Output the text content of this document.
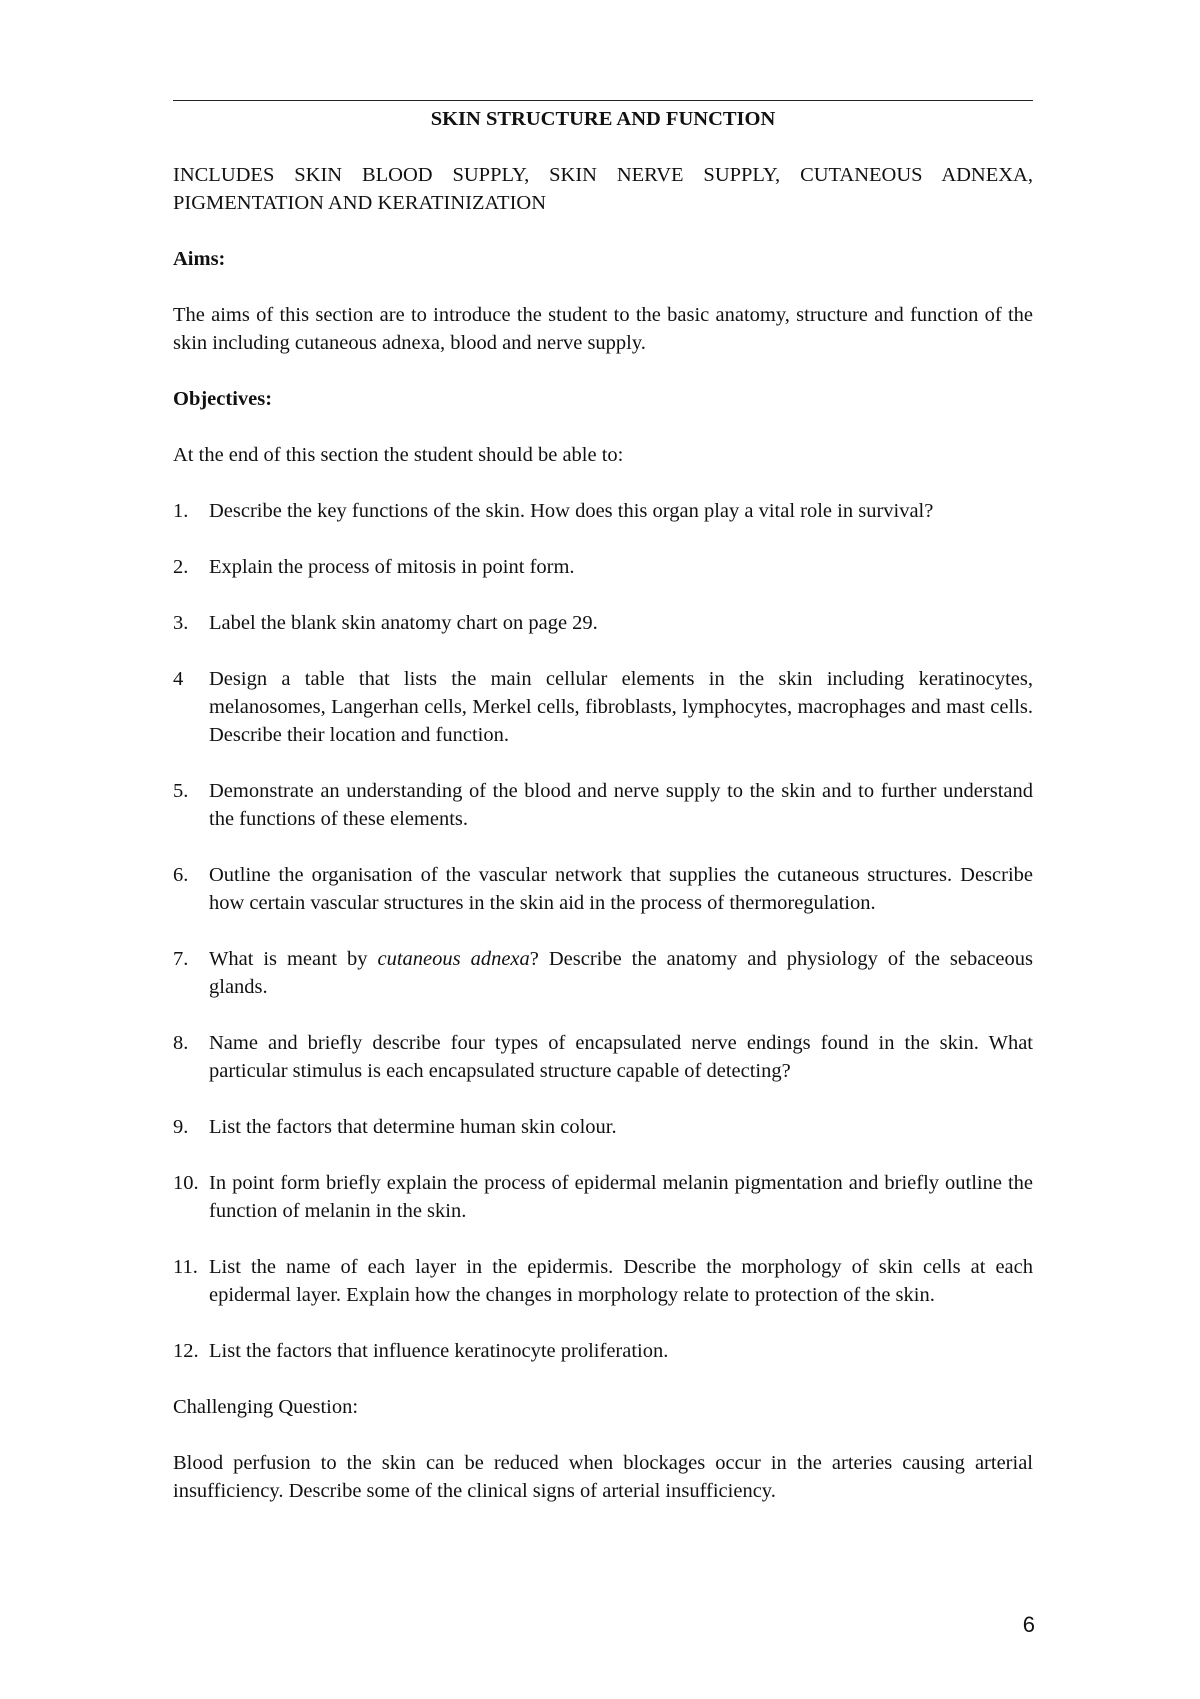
SKIN STRUCTURE AND FUNCTION

INCLUDES SKIN BLOOD SUPPLY, SKIN NERVE SUPPLY, CUTANEOUS ADNEXA, PIGMENTATION AND KERATINIZATION

Aims:

The aims of this section are to introduce the student to the basic anatomy, structure and function of the skin including cutaneous adnexa, blood and nerve supply.

Objectives:

At the end of this section the student should be able to:

1. Describe the key functions of the skin. How does this organ play a vital role in survival?
2. Explain the process of mitosis in point form.
3. Label the blank skin anatomy chart on page 29.
4 Design a table that lists the main cellular elements in the skin including keratinocytes, melanosomes, Langerhan cells, Merkel cells, fibroblasts, lymphocytes, macrophages and mast cells. Describe their location and function.
5. Demonstrate an understanding of the blood and nerve supply to the skin and to further understand the functions of these elements.
6. Outline the organisation of the vascular network that supplies the cutaneous structures. Describe how certain vascular structures in the skin aid in the process of thermoregulation.
7. What is meant by cutaneous adnexa? Describe the anatomy and physiology of the sebaceous glands.
8. Name and briefly describe four types of encapsulated nerve endings found in the skin. What particular stimulus is each encapsulated structure capable of detecting?
9. List the factors that determine human skin colour.
10. In point form briefly explain the process of epidermal melanin pigmentation and briefly outline the function of melanin in the skin.
11. List the name of each layer in the epidermis. Describe the morphology of skin cells at each epidermal layer. Explain how the changes in morphology relate to protection of the skin.
12. List the factors that influence keratinocyte proliferation.

Challenging Question:

Blood perfusion to the skin can be reduced when blockages occur in the arteries causing arterial insufficiency. Describe some of the clinical signs of arterial insufficiency.

6
